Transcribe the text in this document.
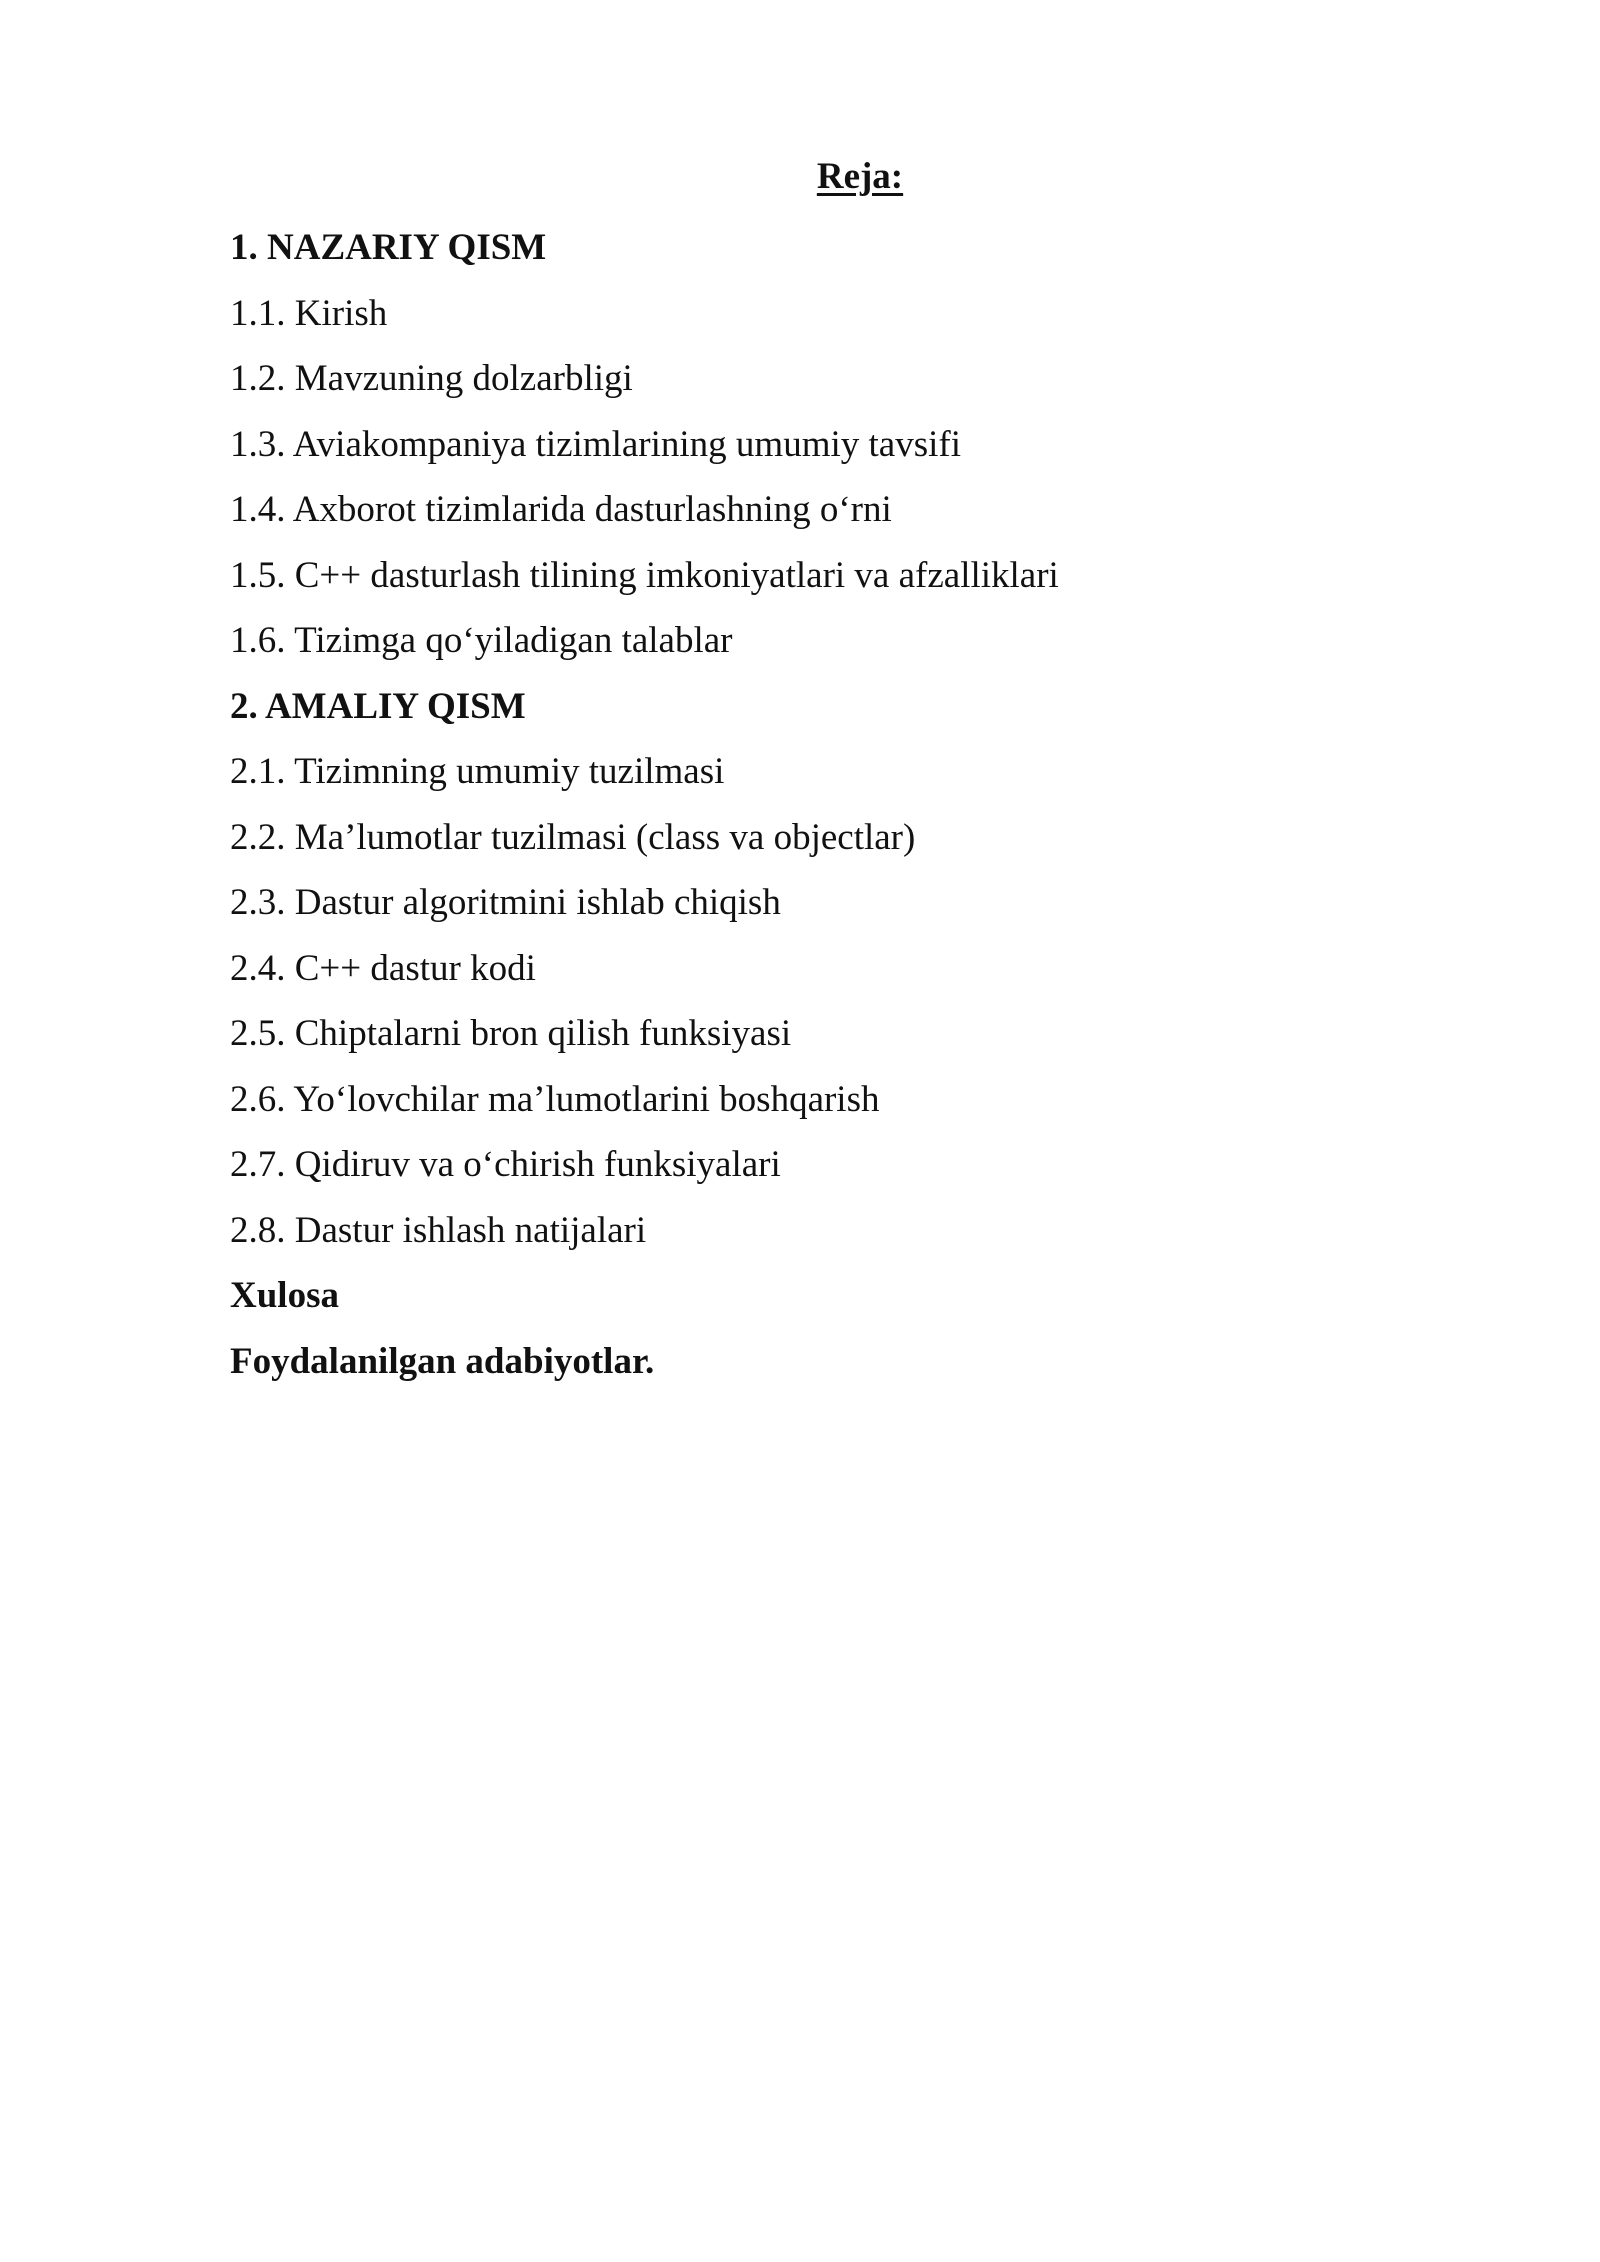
Reja:
1. NAZARIY QISM
1.1. Kirish
1.2. Mavzuning dolzarbligi
1.3. Aviakompaniya tizimlarining umumiy tavsifi
1.4. Axborot tizimlarida dasturlashning o‘rni
1.5. C++ dasturlash tilining imkoniyatlari va afzalliklari
1.6. Tizimga qo‘yiladigan talablar
2. AMALIY QISM
2.1. Tizimning umumiy tuzilmasi
2.2. Ma’lumotlar tuzilmasi (class va objectlar)
2.3. Dastur algoritmini ishlab chiqish
2.4. C++ dastur kodi
2.5. Chiptalarni bron qilish funksiyasi
2.6. Yo‘lovchilar ma’lumotlarini boshqarish
2.7. Qidiruv va o‘chirish funksiyalari
2.8. Dastur ishlash natijalari
Xulosa
Foydalanilgan adabiyotlar.
